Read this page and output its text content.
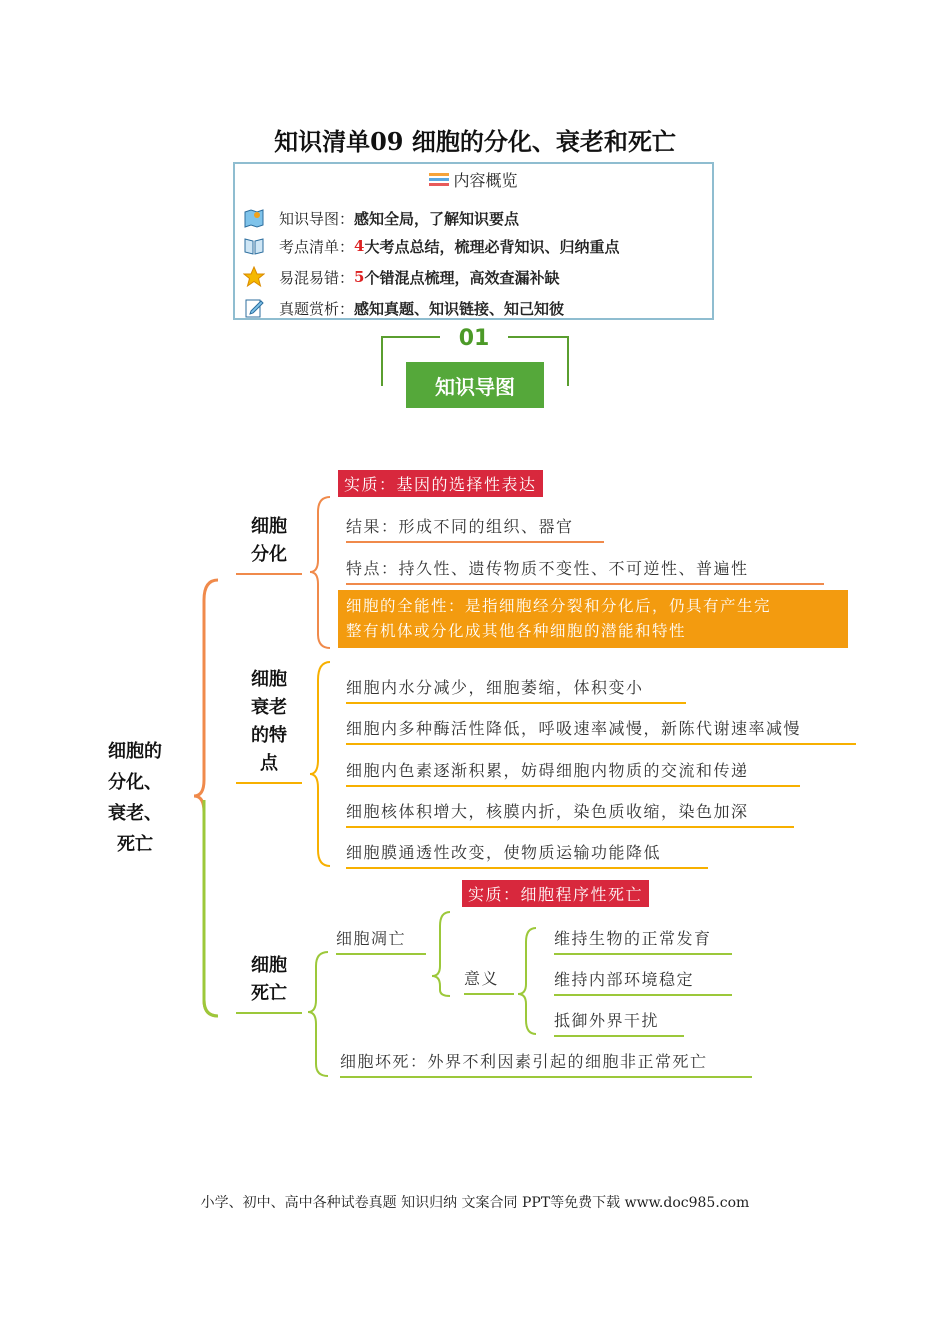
知识清单09 细胞的分化、衰老和死亡
内容概览
知识导图： 感知全局，了解知识要点
考点清单： 4 大考点总结，梳理必背知识、归纳重点
易混易错： 5 个错混点梳理，高效查漏补缺
真题赏析： 感知真题、知识链接、知己知彼
01
知识导图
细胞的
分化、
衰老、
死亡
细胞
分化
实质：基因的选择性表达
结果：形成不同的组织、器官
特点：持久性、遗传物质不变性、不可逆性、普遍性
细胞的全能性：是指细胞经分裂和分化后，仍具有产生完
整有机体或分化成其他各种细胞的潜能和特性
细胞
衰老
的特
点
细胞内水分减少，细胞萎缩，体积变小
细胞内多种酶活性降低，呼吸速率减慢，新陈代谢速率减慢
细胞内色素逐渐积累，妨碍细胞内物质的交流和传递
细胞核体积增大，核膜内折，染色质收缩，染色加深
细胞膜通透性改变，使物质运输功能降低
细胞
死亡
细胞凋亡
实质：细胞程序性死亡
意义
维持生物的正常发育
维持内部环境稳定
抵御外界干扰
细胞坏死：外界不利因素引起的细胞非正常死亡
小学、初中、高中各种试卷真题 知识归纳 文案合同 PPT等免费下载 www.doc985.com
